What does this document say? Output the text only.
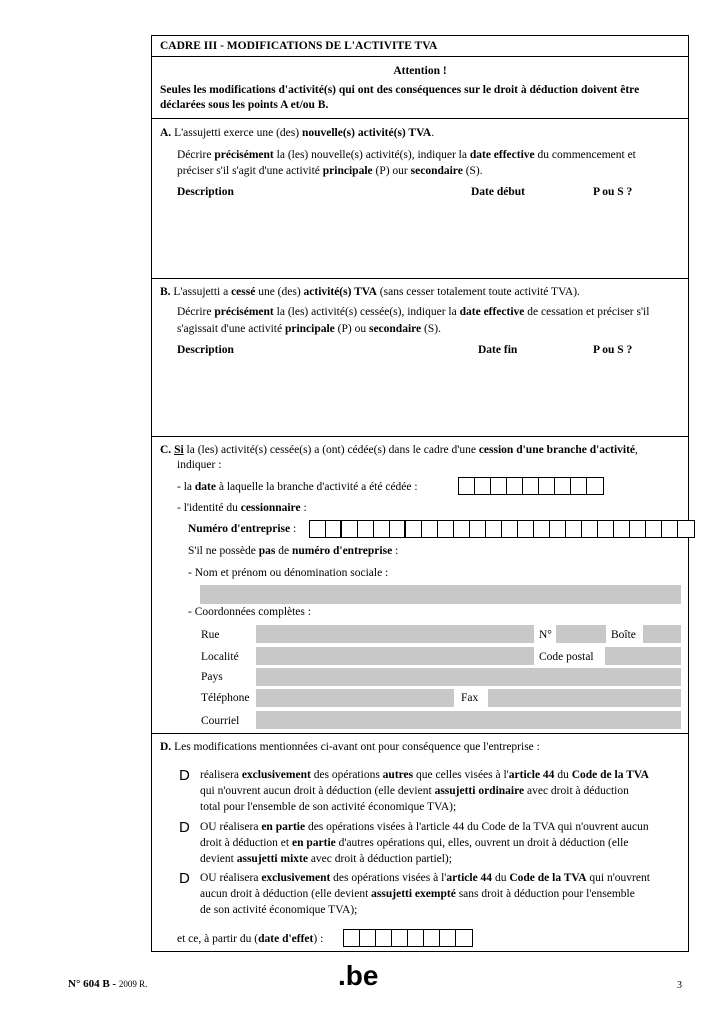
CADRE III - MODIFICATIONS DE L'ACTIVITE TVA
Attention !
Seules les modifications d'activité(s) qui ont des conséquences sur le droit à déduction doivent être
déclarées sous les points A et/ou B.
A. L'assujetti exerce une (des) nouvelle(s) activité(s) TVA.
Décrire précisément la (les) nouvelle(s) activité(s), indiquer la date effective du commencement et
préciser s'il s'agit d'une activité principale (P) our secondaire (S).
Description	Date début	P ou S ?
B. L'assujetti a cessé une (des) activité(s) TVA (sans cesser totalement toute activité TVA).
Décrire précisément la (les) activité(s) cessée(s), indiquer la date effective de cessation et préciser s'il
s'agissait d'une activité principale (P) ou secondaire (S).
Description	Date fin	P ou S ?
C. Si la (les) activité(s) cessée(s) a (ont) cédée(s) dans le cadre d'une cession d'une branche d'activité,
indiquer :
- la date à laquelle la branche d'activité a été cédée :
- l'identité du cessionnaire :
Numéro d'entreprise :
S'il ne possède pas de numéro d'entreprise :
- Nom et prénom ou dénomination sociale :
- Coordonnées complètes :
Rue	N°	Boîte
Localité	Code postal
Pays
Téléphone	Fax
Courriel
D. Les modifications mentionnées ci-avant ont pour conséquence que l'entreprise :
D réalisera exclusivement des opérations autres que celles visées à l'article 44 du Code de la TVA
qui n'ouvrent aucun droit à déduction (elle devient assujetti ordinaire avec droit à déduction
total pour l'ensemble de son activité économique TVA);
D OU réalisera en partie des opérations visées à l'article 44 du Code de la TVA qui n'ouvrent aucun
droit à déduction et en partie d'autres opérations qui, elles, ouvrent un droit à déduction (elle
devient assujetti mixte avec droit à déduction partiel);
D OU réalisera exclusivement des opérations visées à l'article 44 du Code de la TVA qui n'ouvrent
aucun droit à déduction (elle devient assujetti exempté sans droit à déduction pour l'ensemble
de son activité économique TVA);
et ce, à partir du (date d'effet) :
N° 604 B - 2009 R.	.be	3
